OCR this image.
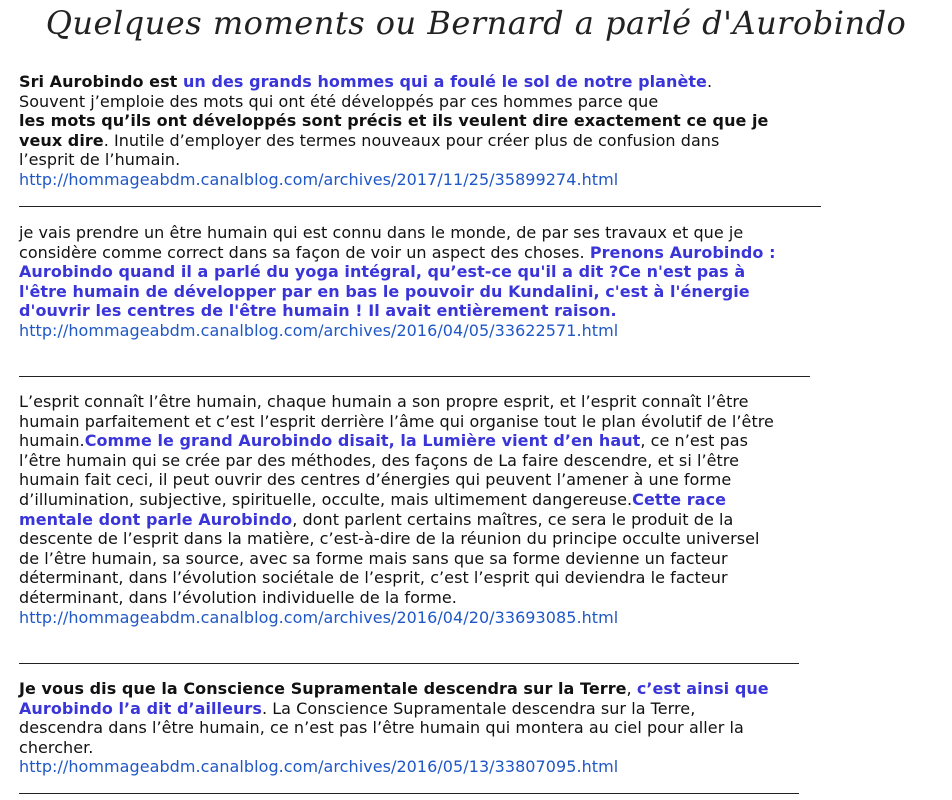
Quelques moments ou Bernard a parlé d'Aurobindo
Sri Aurobindo est un des grands hommes qui a foulé le sol de notre planète.
Souvent j’emploie des mots qui ont été développés par ces hommes parce que
les mots qu’ils ont développés sont précis et ils veulent dire exactement ce que je veux dire. Inutile d’employer des termes nouveaux pour créer plus de confusion dans l’esprit de l’humain.
http://hommageabdm.canalblog.com/archives/2017/11/25/35899274.html
je vais prendre un être humain qui est connu dans le monde, de par ses travaux et que je considère comme correct dans sa façon de voir un aspect des choses. Prenons Aurobindo : Aurobindo quand il a parlé du yoga intégral, qu’est-ce qu'il a dit ?Ce n'est pas à l'être humain de développer par en bas le pouvoir du Kundalini, c'est à l'énergie d'ouvrir les centres de l'être humain ! Il avait entièrement raison.
http://hommageabdm.canalblog.com/archives/2016/04/05/33622571.html
L’esprit connaît l’être humain, chaque humain a son propre esprit, et l’esprit connaît l’être humain parfaitement et c’est l’esprit derrière l’âme qui organise tout le plan évolutif de l’être humain.Comme le grand Aurobindo disait, la Lumière vient d’en haut, ce n’est pas l’être humain qui se crée par des méthodes, des façons de La faire descendre, et si l’être humain fait ceci, il peut ouvrir des centres d’énergies qui peuvent l’amener à une forme d’illumination, subjective, spirituelle, occulte, mais ultimement dangereuse.Cette race mentale dont parle Aurobindo, dont parlent certains maîtres, ce sera le produit de la descente de l’esprit dans la matière, c’est-à-dire de la réunion du principe occulte universel de l’être humain, sa source, avec sa forme mais sans que sa forme devienne un facteur déterminant, dans l’évolution sociétale de l’esprit, c’est l’esprit qui deviendra le facteur déterminant, dans l’évolution individuelle de la forme.
http://hommageabdm.canalblog.com/archives/2016/04/20/33693085.html
Je vous dis que la Conscience Supramentale descendra sur la Terre, c’est ainsi que Aurobindo l’a dit d’ailleurs. La Conscience Supramentale descendra sur la Terre, descendra dans l’être humain, ce n’est pas l’être humain qui montera au ciel pour aller la chercher.
http://hommageabdm.canalblog.com/archives/2016/05/13/33807095.html
